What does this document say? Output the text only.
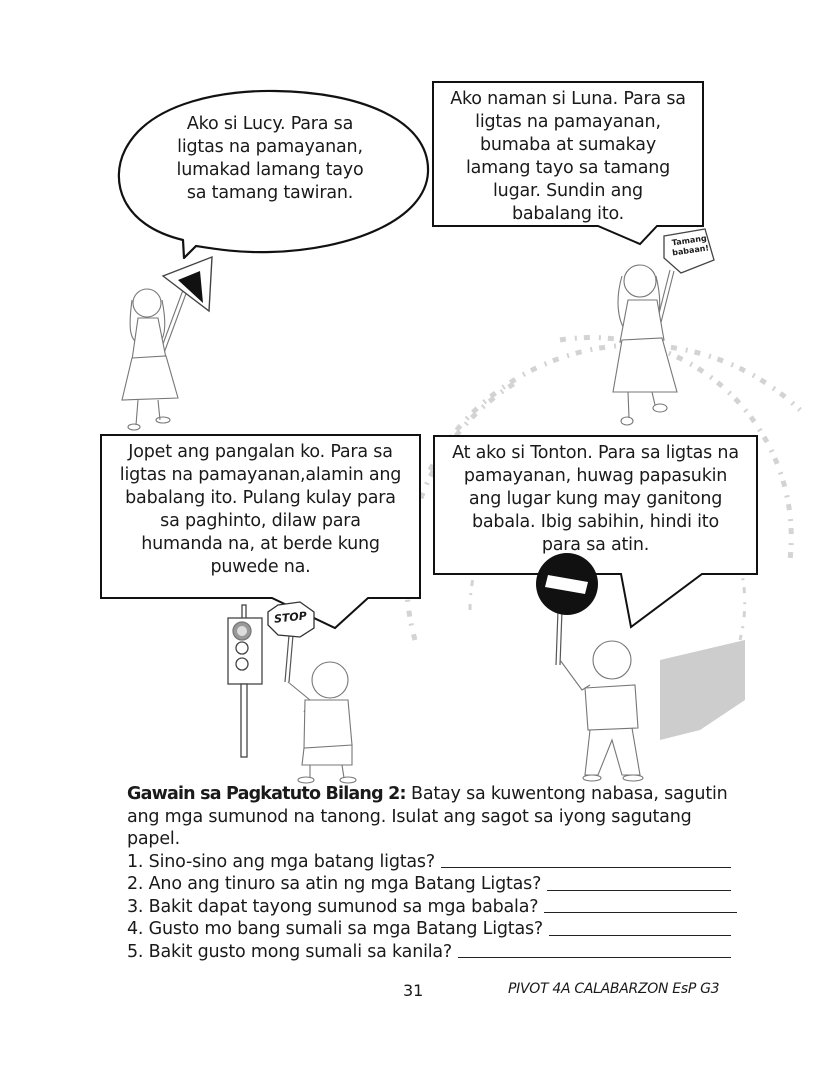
Tamang
babaan!
STOP
Ako si Lucy. Para sa
ligtas na pamayanan,
lumakad lamang tayo
sa tamang tawiran.
Ako naman si Luna. Para sa
ligtas na pamayanan,
bumaba at sumakay
lamang tayo sa tamang
lugar. Sundin ang
babalang ito.
Jopet ang pangalan ko. Para sa
ligtas na pamayanan,alamin ang
babalang ito. Pulang kulay para
sa paghinto, dilaw para
humanda na, at berde kung
puwede na.
At ako si Tonton. Para sa ligtas na
pamayanan, huwag papasukin
ang lugar kung may ganitong
babala. Ibig sabihin, hindi ito
para sa atin.
Gawain sa Pagkatuto Bilang 2: Batay sa kuwentong nabasa, sagutin
ang mga sumunod na tanong. Isulat ang sagot sa iyong sagutang
papel.
1. Sino-sino ang mga batang ligtas?
2. Ano ang tinuro sa atin ng mga Batang Ligtas?
3. Bakit dapat tayong sumunod sa mga babala?
4. Gusto mo bang sumali sa mga Batang Ligtas?
5. Bakit gusto mong sumali sa kanila?
31	PIVOT 4A CALABARZON EsP G3
